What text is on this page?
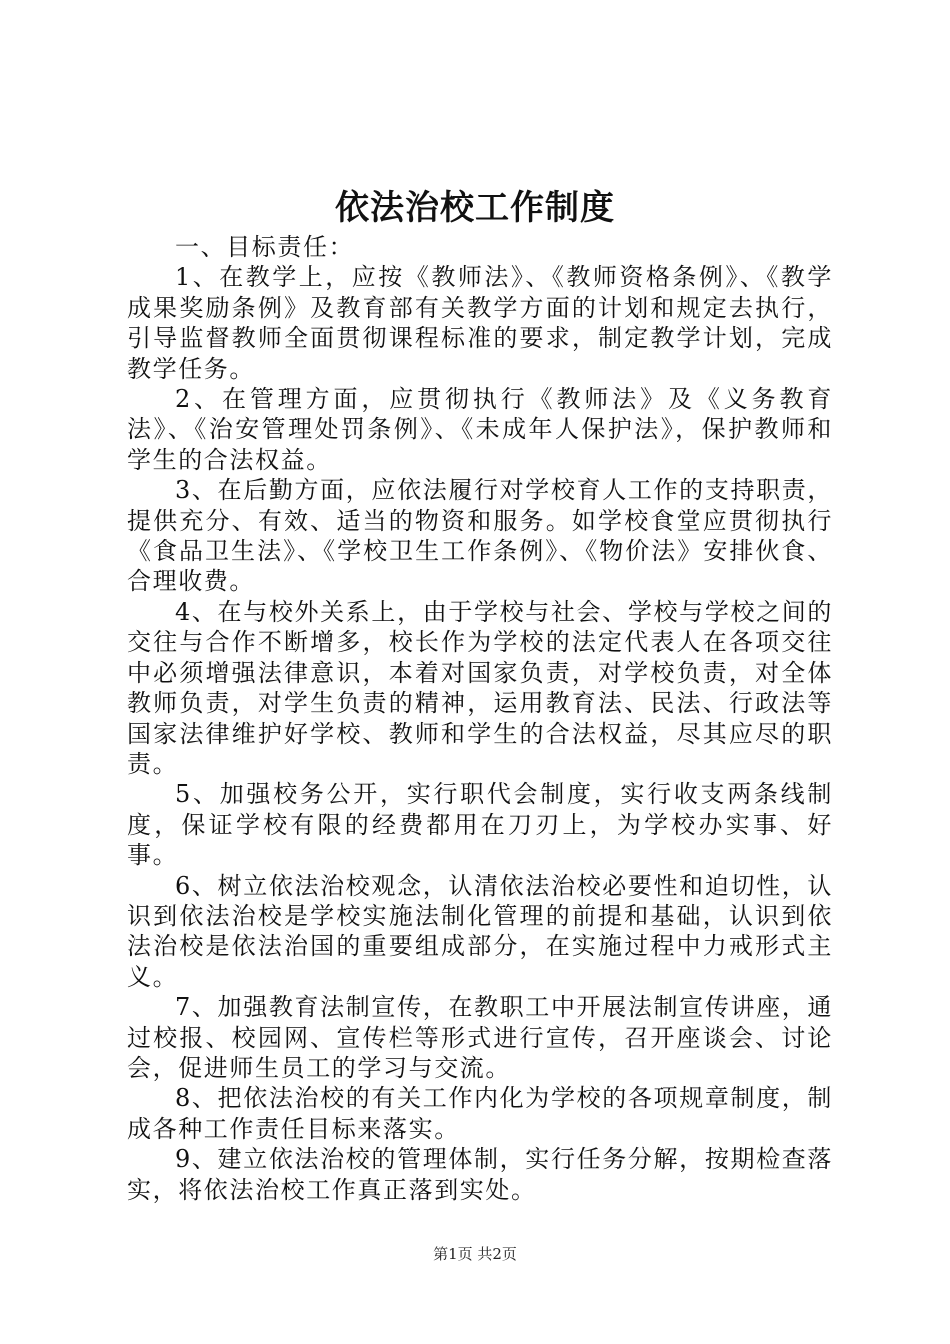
依法治校工作制度

一、目标责任：

1、在教学上，应按《教师法》、《教师资格条例》、《教学成果奖励条例》及教育部有关教学方面的计划和规定去执行，引导监督教师全面贯彻课程标准的要求，制定教学计划，完成教学任务。

2、在管理方面，应贯彻执行《教师法》及《义务教育法》、《治安管理处罚条例》、《未成年人保护法》，保护教师和学生的合法权益。

3、在后勤方面，应依法履行对学校育人工作的支持职责，提供充分、有效、适当的物资和服务。如学校食堂应贯彻执行《食品卫生法》、《学校卫生工作条例》、《物价法》安排伙食、合理收费。

4、在与校外关系上，由于学校与社会、学校与学校之间的交往与合作不断增多，校长作为学校的法定代表人在各项交往中必须增强法律意识，本着对国家负责，对学校负责，对全体教师负责，对学生负责的精神，运用教育法、民法、行政法等国家法律维护好学校、教师和学生的合法权益，尽其应尽的职责。

5、加强校务公开，实行职代会制度，实行收支两条线制度，保证学校有限的经费都用在刀刃上，为学校办实事、好事。

6、树立依法治校观念，认清依法治校必要性和迫切性，认识到依法治校是学校实施法制化管理的前提和基础，认识到依法治校是依法治国的重要组成部分，在实施过程中力戒形式主义。

7、加强教育法制宣传，在教职工中开展法制宣传讲座，通过校报、校园网、宣传栏等形式进行宣传，召开座谈会、讨论会，促进师生员工的学习与交流。

8、把依法治校的有关工作内化为学校的各项规章制度，制成各种工作责任目标来落实。

9、建立依法治校的管理体制，实行任务分解，按期检查落实，将依法治校工作真正落到实处。

第1页 共2页
